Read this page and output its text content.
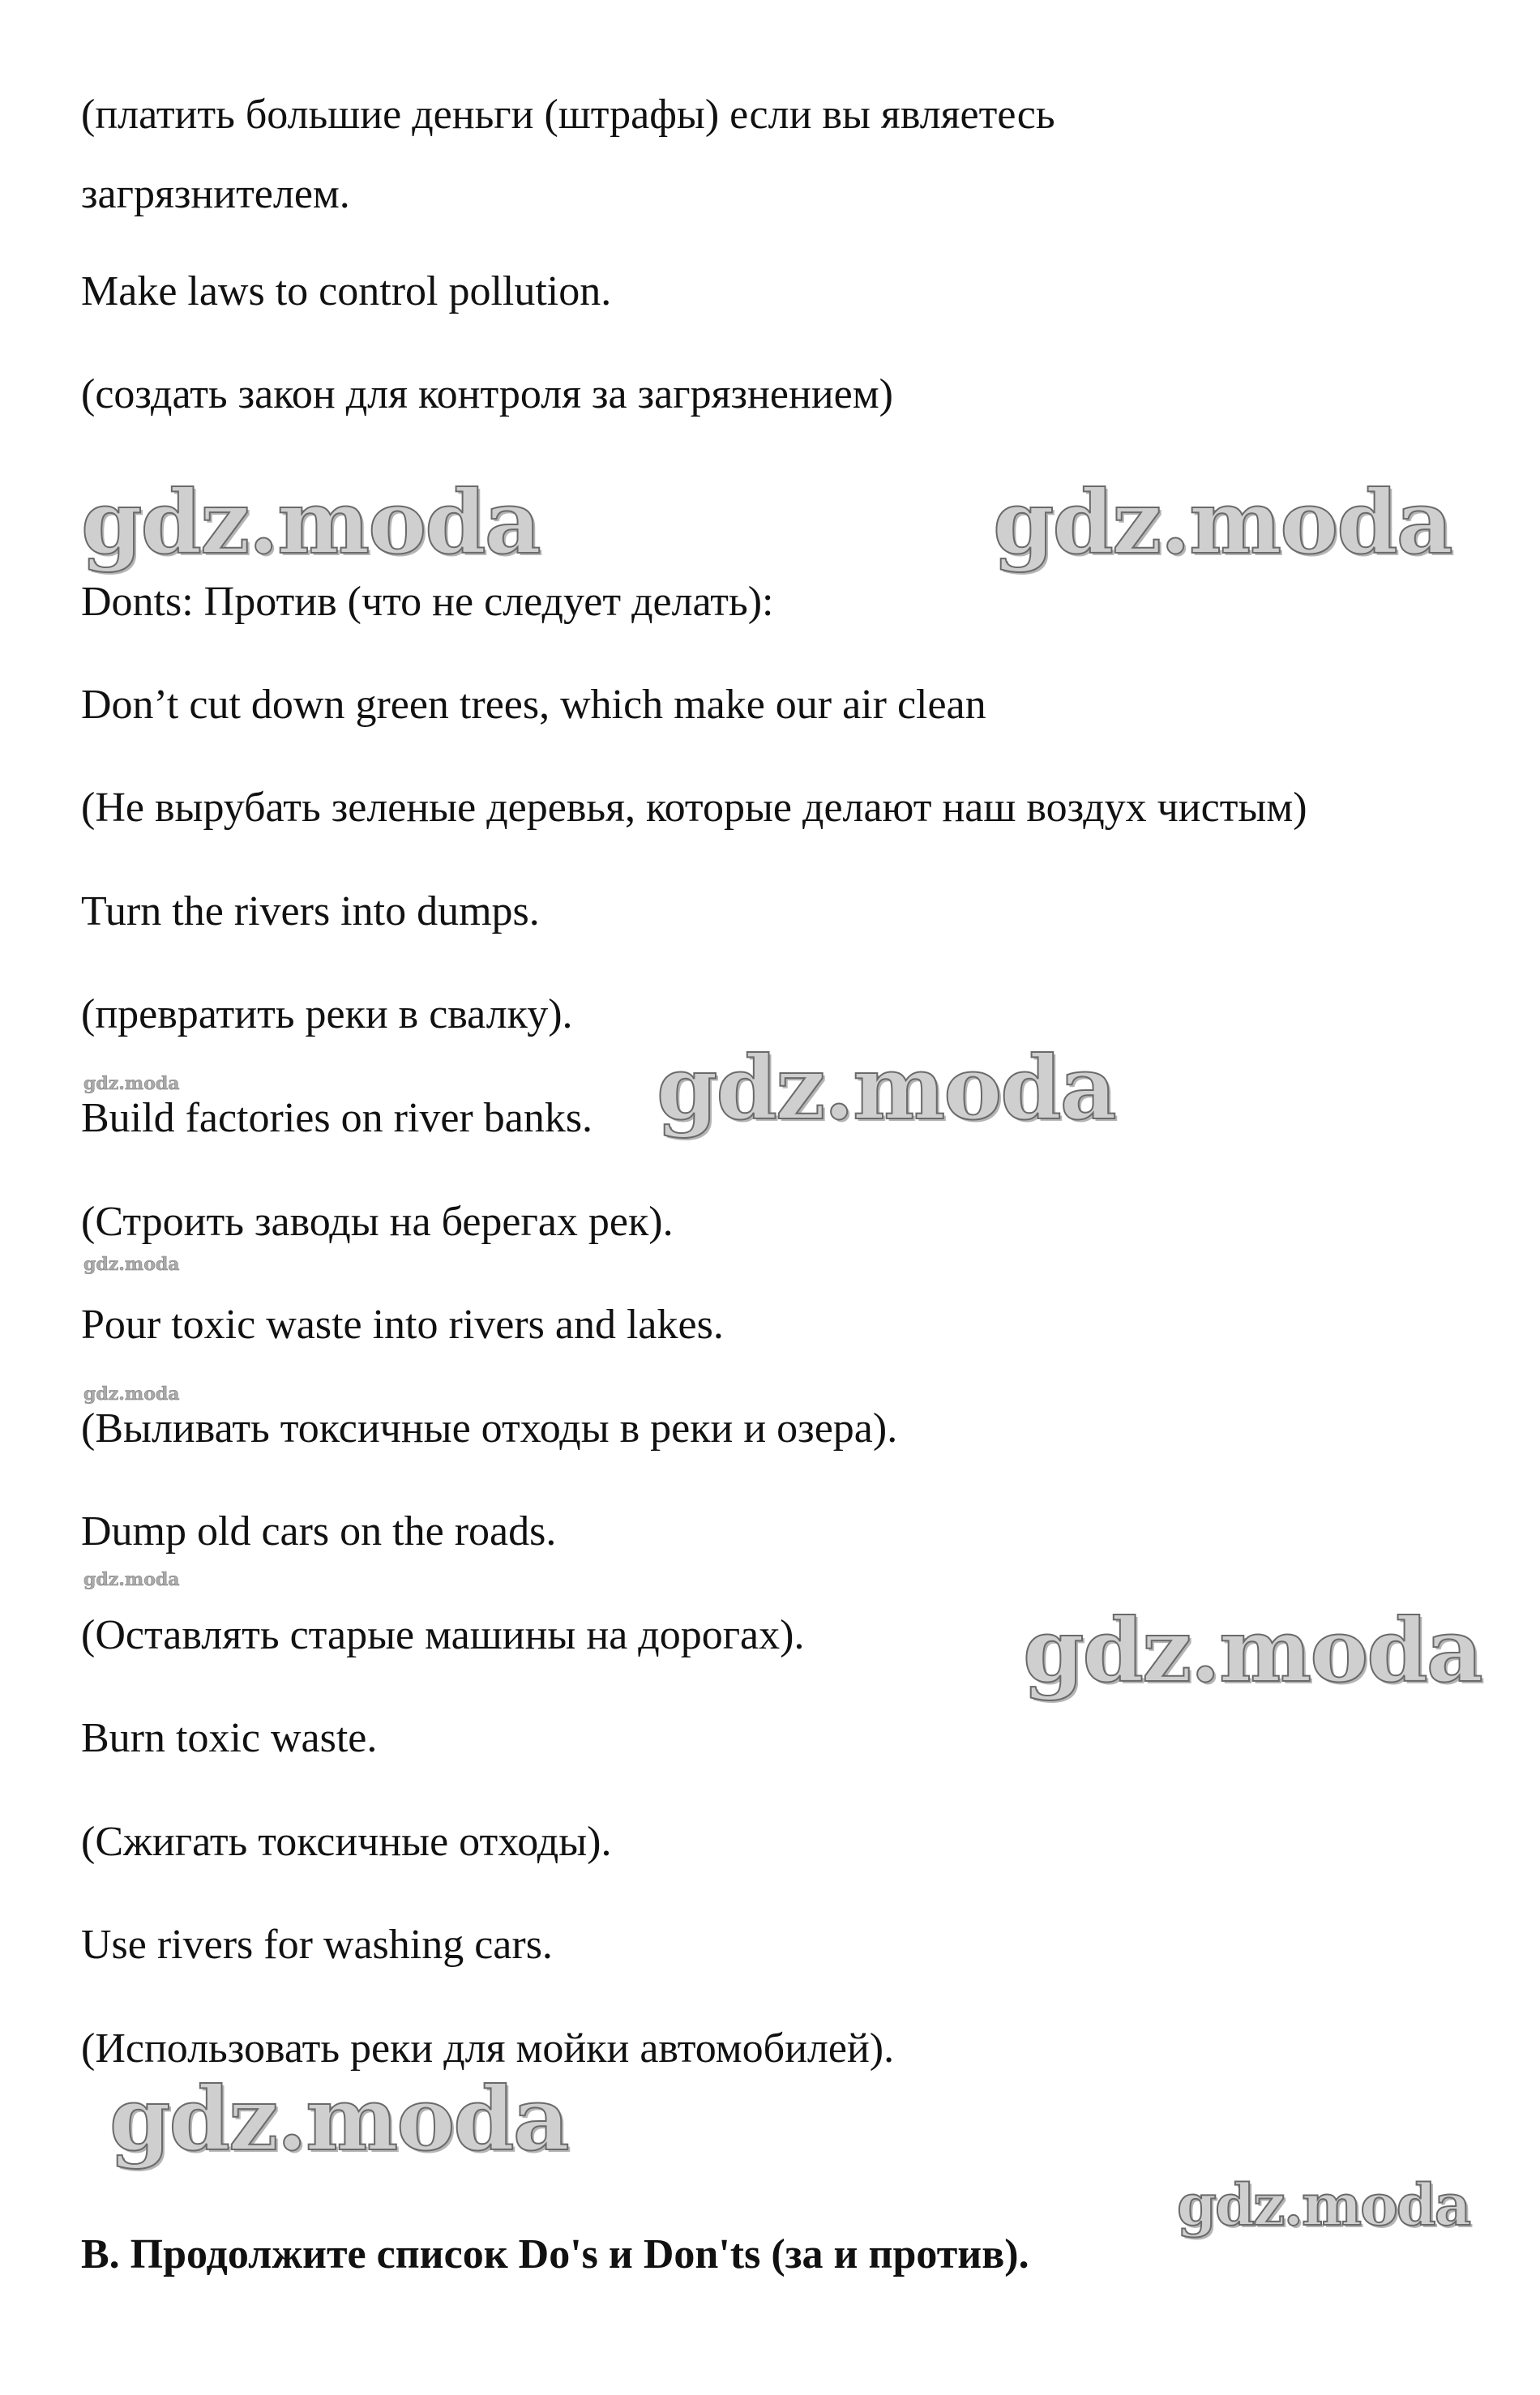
(платить большие деньги (штрафы) если вы являетесь
загрязнителем.
Make laws to control pollution.
(создать закон для контроля за загрязнением)
Donts: Против (что не следует делать):
Don’t cut down green trees, which make our air clean
(Не вырубать зеленые деревья, которые делают наш воздух чистым)
Turn the rivers into dumps.
(превратить реки в свалку).
Build factories on river banks.
(Строить заводы на берегах рек).
Pour toxic waste into rivers and lakes.
(Выливать токсичные отходы в реки и озера).
Dump old cars on the roads.
(Оставлять старые машины на дорогах).
Burn toxic waste.
(Сжигать токсичные отходы).
Use rivers for washing cars.
(Использовать реки для мойки автомобилей).
B. Продолжите список Do's и Don'ts (за и против).
gdz.moda	gdz.moda
gdz.moda	gdz.moda
gdz.moda
gdz.moda
gdz.moda
gdz.moda
gdz.moda
gdz.moda
